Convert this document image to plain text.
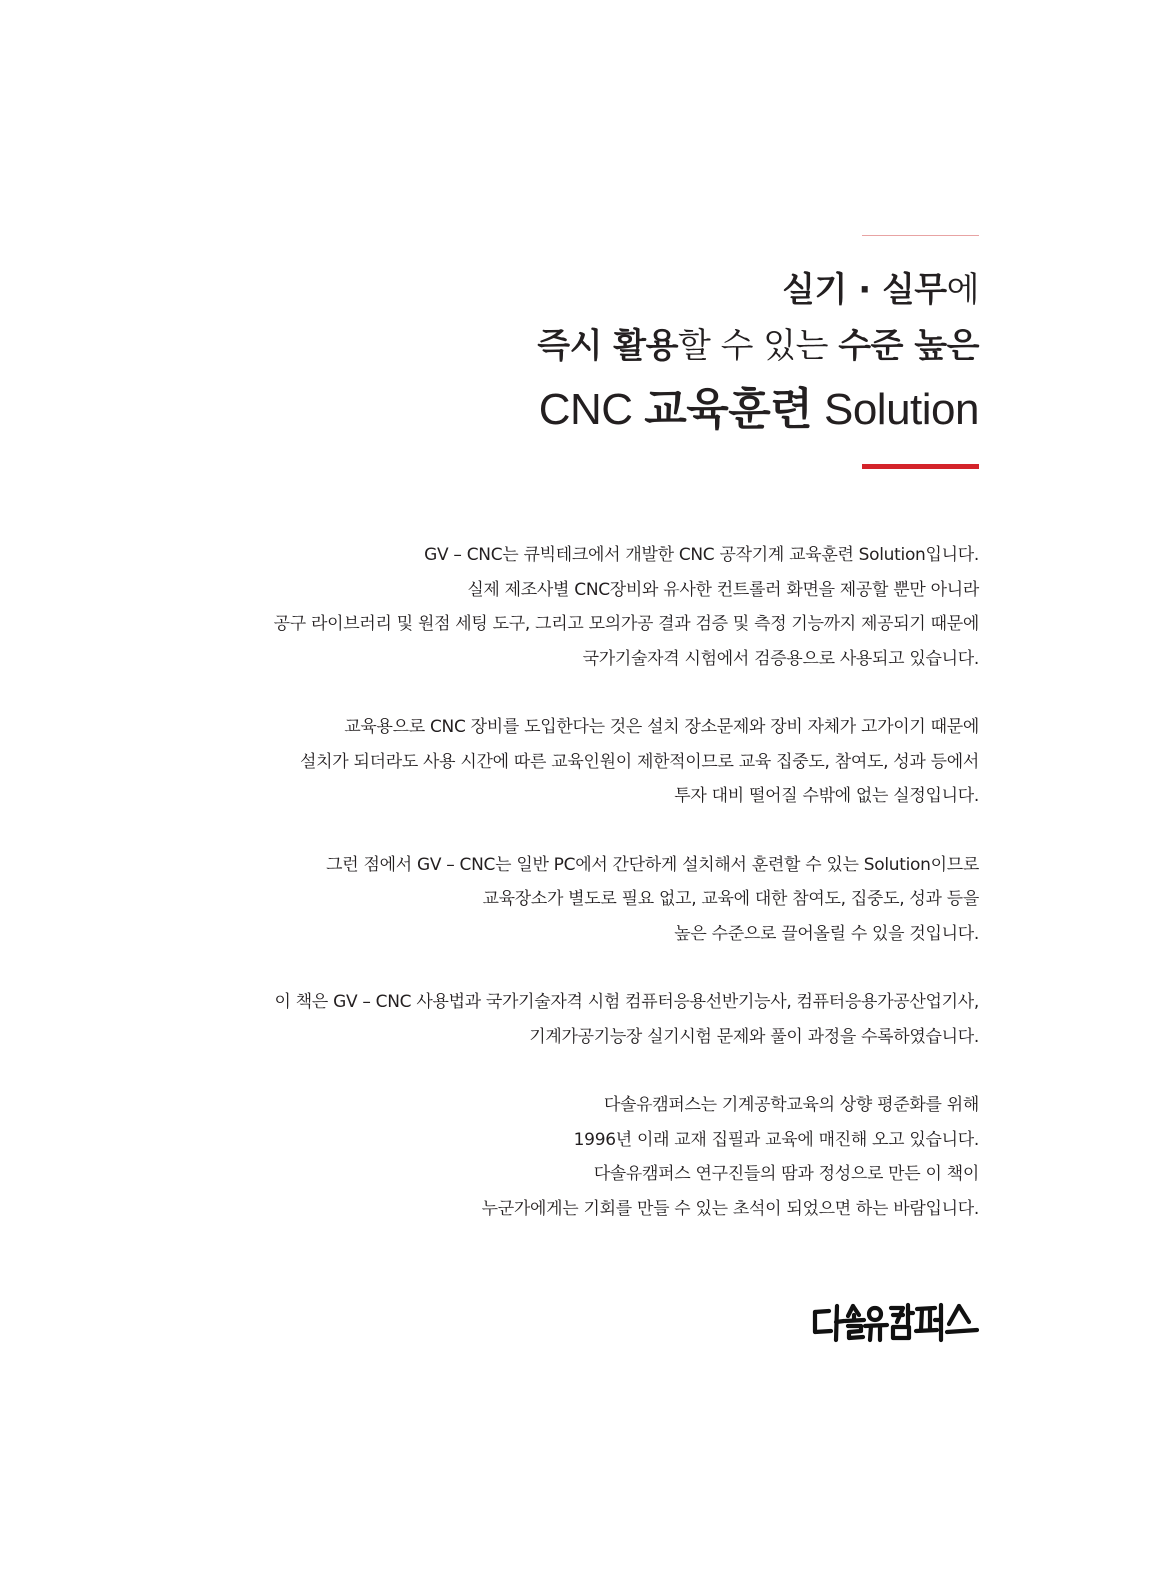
실기 · 실무에
즉시 활용할 수 있는 수준 높은
CNC 교육훈련 Solution
GV – CNC는 큐빅테크에서 개발한 CNC 공작기계 교육훈련 Solution입니다.
실제 제조사별 CNC장비와 유사한 컨트롤러 화면을 제공할 뿐만 아니라
공구 라이브러리 및 원점 세팅 도구, 그리고 모의가공 결과 검증 및 측정 기능까지 제공되기 때문에
국가기술자격 시험에서 검증용으로 사용되고 있습니다.
교육용으로 CNC 장비를 도입한다는 것은 설치 장소문제와 장비 자체가 고가이기 때문에
설치가 되더라도 사용 시간에 따른 교육인원이 제한적이므로 교육 집중도, 참여도, 성과 등에서
투자 대비 떨어질 수밖에 없는 실정입니다.
그런 점에서 GV – CNC는 일반 PC에서 간단하게 설치해서 훈련할 수 있는 Solution이므로
교육장소가 별도로 필요 없고, 교육에 대한 참여도, 집중도, 성과 등을
높은 수준으로 끌어올릴 수 있을 것입니다.
이 책은 GV – CNC 사용법과 국가기술자격 시험 컴퓨터응용선반기능사, 컴퓨터응용가공산업기사,
기계가공기능장 실기시험 문제와 풀이 과정을 수록하였습니다.
다솔유캠퍼스는 기계공학교육의 상향 평준화를 위해
1996년 이래 교재 집필과 교육에 매진해 오고 있습니다.
다솔유캠퍼스 연구진들의 땀과 정성으로 만든 이 책이
누군가에게는 기회를 만들 수 있는 초석이 되었으면 하는 바람입니다.
